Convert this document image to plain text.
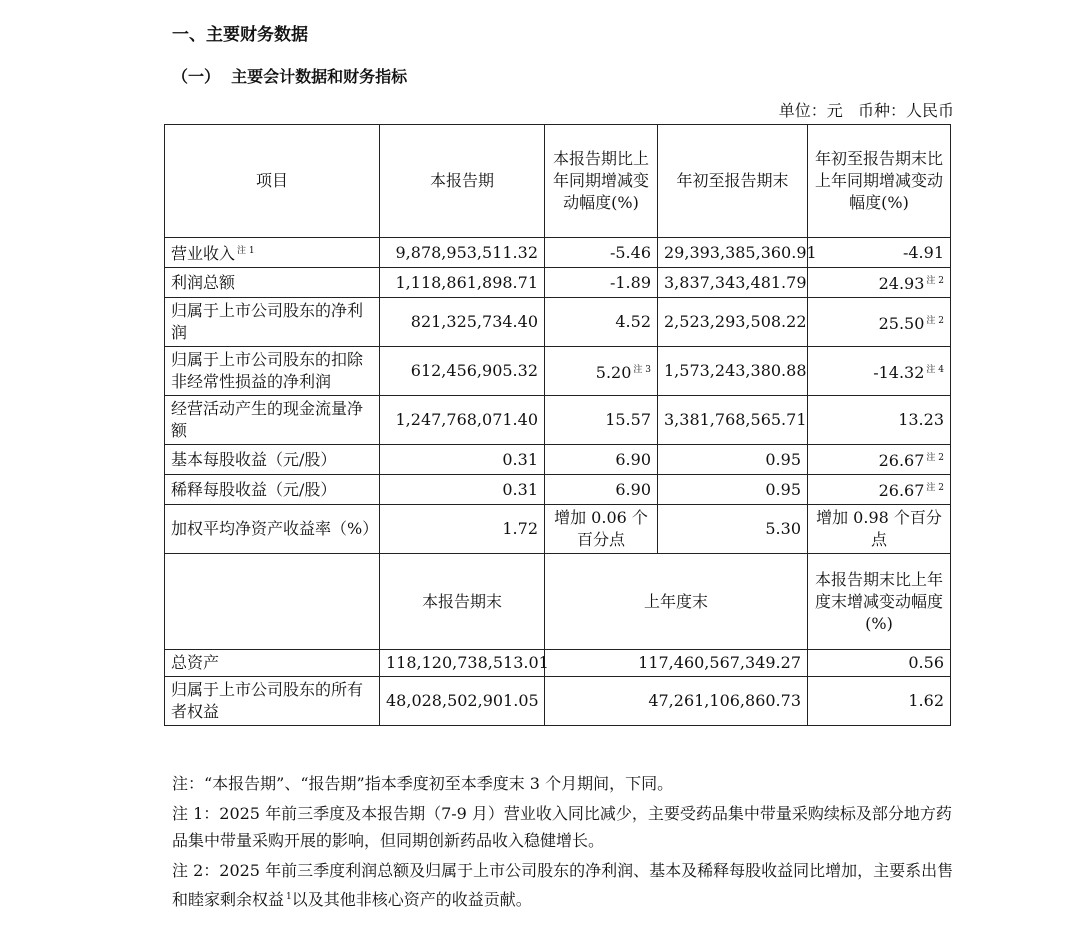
一、主要财务数据
（一）  主要会计数据和财务指标
单位：元   币种：人民币
项目	本报告期	本报告期比上年同期增减变动幅度(%)	年初至报告期末	年初至报告期末比上年同期增减变动幅度(%)
营业收入 $^{注 1}$	9,878,953,511.32	-5.46	29,393,385,360.91	-4.91
利润总额	1,118,861,898.71	-1.89	3,837,343,481.79	24.93 $^{注 2}$
归属于上市公司股东的净利润	821,325,734.40	4.52	2,523,293,508.22	25.50 $^{注 2}$
归属于上市公司股东的扣除非经常性损益的净利润	612,456,905.32	5.20 $^{注 3}$	1,573,243,380.88	-14.32 $^{注 4}$
经营活动产生的现金流量净额	1,247,768,071.40	15.57	3,381,768,565.71	13.23
基本每股收益（元/股）	0.31	6.90	0.95	26.67 $^{注 2}$
稀释每股收益（元/股）	0.31	6.90	0.95	26.67 $^{注 2}$
加权平均净资产收益率（%）	1.72	增加 0.06 个百分点	5.30	增加 0.98 个百分点
	本报告期末	上年度末		本报告期末比上年度末增减变动幅度(%)
总资产	118,120,738,513.01	117,460,567,349.27		0.56
归属于上市公司股东的所有者权益	48,028,502,901.05	47,261,106,860.73		1.62

注：“本报告期”、“报告期”指本季度初至本季度末 3 个月期间，下同。

注 1：2025 年前三季度及本报告期（7-9 月）营业收入同比减少，主要受药品集中带量采购续标及部分地方药品集中带量采购开展的影响，但同期创新药品收入稳健增长。

注 2：2025 年前三季度利润总额及归属于上市公司股东的净利润、基本及稀释每股收益同比增加，主要系出售和睦家剩余权益 $^1$以及其他非核心资产的收益贡献。
